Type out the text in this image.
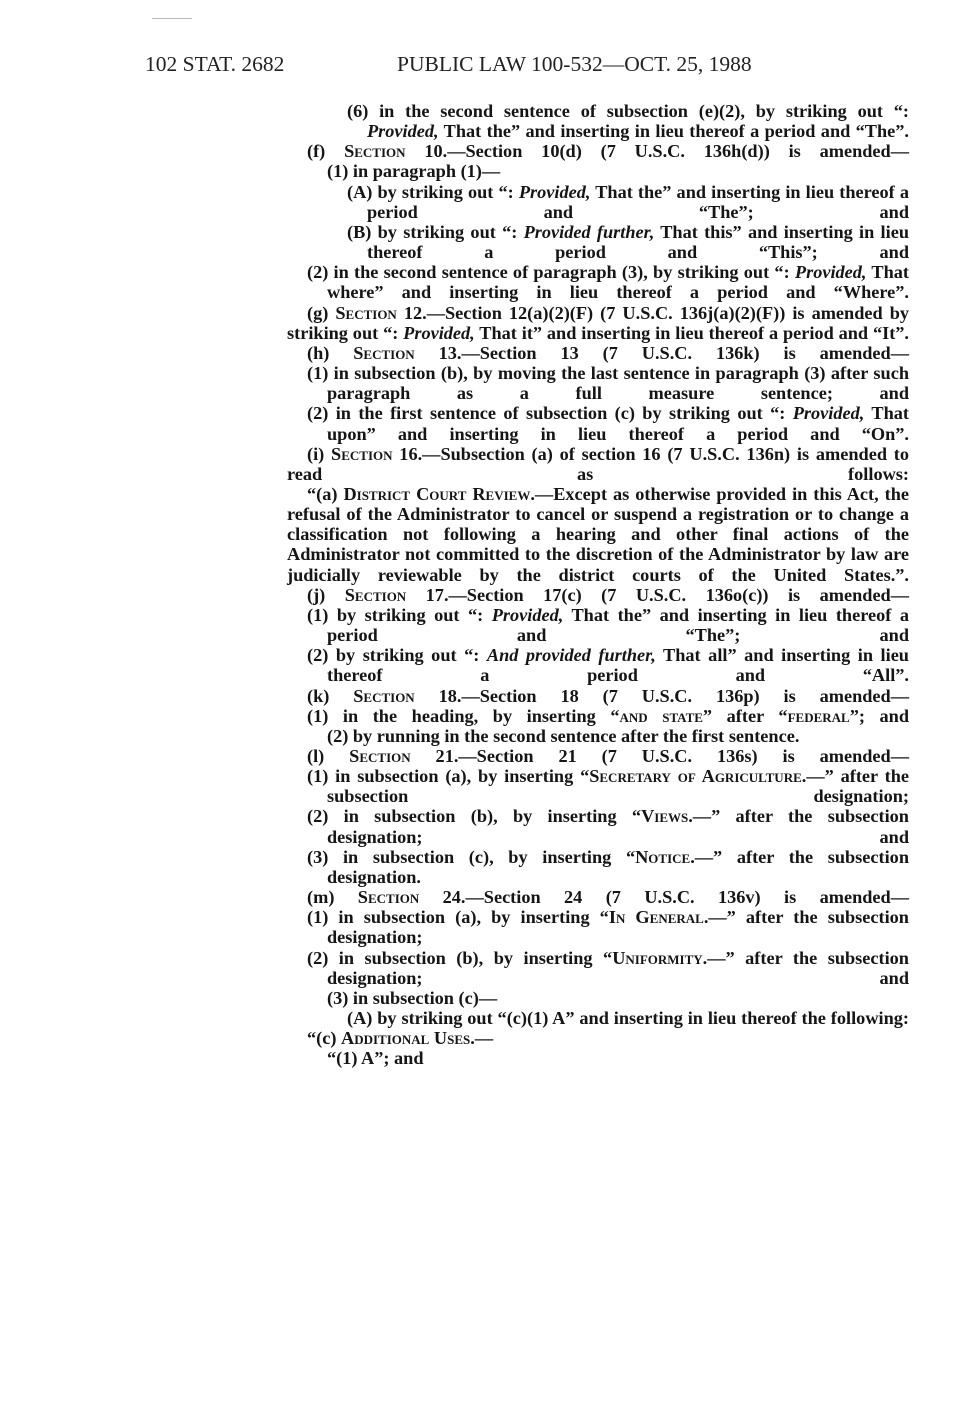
102 STAT. 2682	PUBLIC LAW 100-532—OCT. 25, 1988

(6) in the second sentence of subsection (e)(2), by striking out “: Provided, That the” and inserting in lieu thereof a period and “The”.

(f) Section 10.—Section 10(d) (7 U.S.C. 136h(d)) is amended—

(1) in paragraph (1)—

(A) by striking out “: Provided, That the” and inserting in lieu thereof a period and “The”; and

(B) by striking out “: Provided further, That this” and inserting in lieu thereof a period and “This”; and

(2) in the second sentence of paragraph (3), by striking out “: Provided, That where” and inserting in lieu thereof a period and “Where”.

(g) Section 12.—Section 12(a)(2)(F) (7 U.S.C. 136j(a)(2)(F)) is amended by striking out “: Provided, That it” and inserting in lieu thereof a period and “It”.

(h) Section 13.—Section 13 (7 U.S.C. 136k) is amended—

(1) in subsection (b), by moving the last sentence in paragraph (3) after such paragraph as a full measure sentence; and

(2) in the first sentence of subsection (c) by striking out “: Provided, That upon” and inserting in lieu thereof a period and “On”.

(i) Section 16.—Subsection (a) of section 16 (7 U.S.C. 136n) is amended to read as follows:

“(a) District Court Review.—Except as otherwise provided in this Act, the refusal of the Administrator to cancel or suspend a registration or to change a classification not following a hearing and other final actions of the Administrator not committed to the discretion of the Administrator by law are judicially reviewable by the district courts of the United States.”.

(j) Section 17.—Section 17(c) (7 U.S.C. 136o(c)) is amended—

(1) by striking out “: Provided, That the” and inserting in lieu thereof a period and “The”; and

(2) by striking out “: And provided further, That all” and inserting in lieu thereof a period and “All”.

(k) Section 18.—Section 18 (7 U.S.C. 136p) is amended—

(1) in the heading, by inserting “and state” after “federal”; and

(2) by running in the second sentence after the first sentence.

(l) Section 21.—Section 21 (7 U.S.C. 136s) is amended—

(1) in subsection (a), by inserting “Secretary of Agriculture.—” after the subsection designation;

(2) in subsection (b), by inserting “Views.—” after the subsection designation; and

(3) in subsection (c), by inserting “Notice.—” after the subsection designation.

(m) Section 24.—Section 24 (7 U.S.C. 136v) is amended—

(1) in subsection (a), by inserting “In General.—” after the subsection designation;

(2) in subsection (b), by inserting “Uniformity.—” after the subsection designation; and

(3) in subsection (c)—

(A) by striking out “(c)(1) A” and inserting in lieu thereof the following:

“(c) Additional Uses.—

“(1) A”; and
